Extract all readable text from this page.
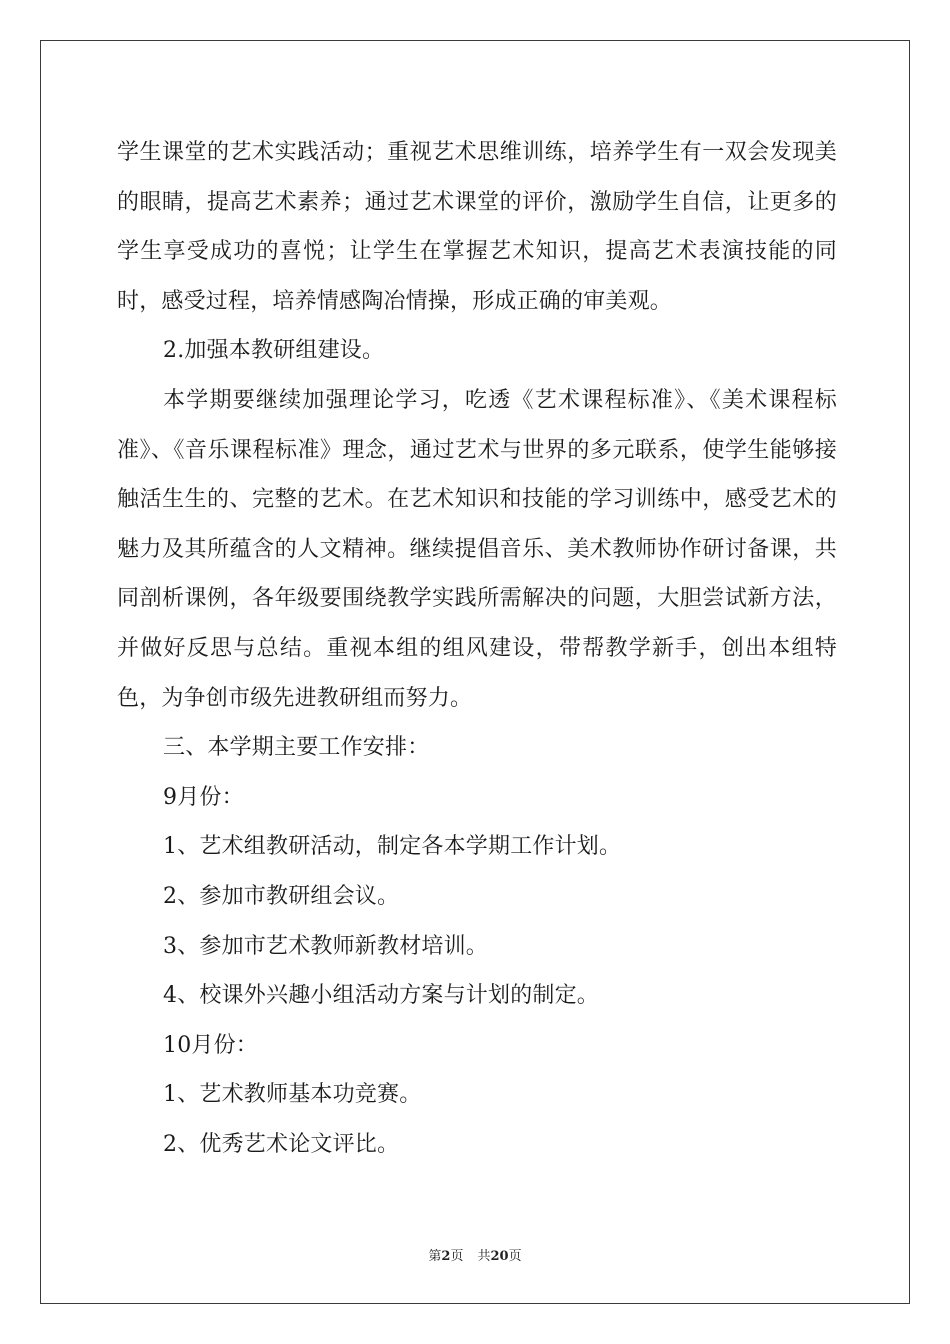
学生课堂的艺术实践活动；重视艺术思维训练，培养学生有一双会发现美的眼睛，提高艺术素养；通过艺术课堂的评价，激励学生自信，让更多的学生享受成功的喜悦；让学生在掌握艺术知识，提高艺术表演技能的同时，感受过程，培养情感陶冶情操，形成正确的审美观。

2.加强本教研组建设。

本学期要继续加强理论学习，吃透《艺术课程标准》、《美术课程标准》、《音乐课程标准》理念，通过艺术与世界的多元联系，使学生能够接触活生生的、完整的艺术。在艺术知识和技能的学习训练中，感受艺术的魅力及其所蕴含的人文精神。继续提倡音乐、美术教师协作研讨备课，共同剖析课例，各年级要围绕教学实践所需解决的问题，大胆尝试新方法，并做好反思与总结。重视本组的组风建设，带帮教学新手，创出本组特色，为争创市级先进教研组而努力。

三、本学期主要工作安排：

9月份：

1、艺术组教研活动，制定各本学期工作计划。

2、参加市教研组会议。

3、参加市艺术教师新教材培训。

4、校课外兴趣小组活动方案与计划的制定。

10月份：

1、艺术教师基本功竞赛。

2、优秀艺术论文评比。

第2页 共20页
